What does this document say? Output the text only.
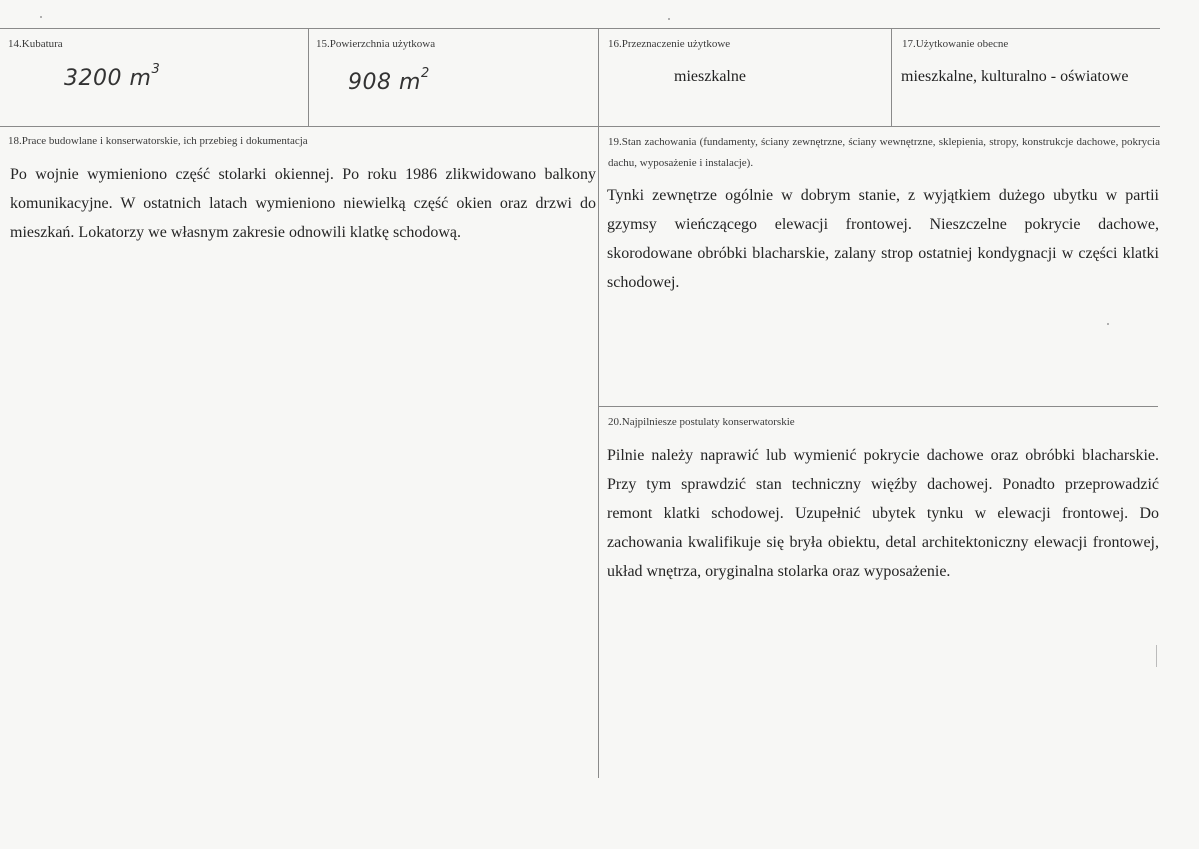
14.Kubatura
3200 $m^3$
15.Powierzchnia użytkowa
908 $m^2$
16.Przeznaczenie użytkowe
mieszkalne
17.Użytkowanie obecne
mieszkalne, kulturalno - oświatowe
18.Prace budowlane i konserwatorskie, ich przebieg i dokumentacja

Po wojnie wymieniono część stolarki okiennej. Po roku 1986 zlikwidowano balkony komunikacyjne. W ostatnich latach wymieniono niewielką część okien oraz drzwi do mieszkań. Lokatorzy we własnym zakresie odnowili klatkę schodową.

19.Stan zachowania (fundamenty, ściany zewnętrzne, ściany wewnętrzne, sklepienia, stropy, konstrukcje dachowe, pokrycia dachu, wyposażenie i instalacje).

Tynki zewnętrze ogólnie w dobrym stanie, z wyjątkiem dużego ubytku w partii gzymsy wieńczącego elewacji frontowej. Nieszczelne pokrycie dachowe, skorodowane obróbki blacharskie, zalany strop ostatniej kondygnacji w części klatki schodowej.

20.Najpilniesze postulaty konserwatorskie

Pilnie należy naprawić lub wymienić pokrycie dachowe oraz obróbki blacharskie. Przy tym sprawdzić stan techniczny więźby dachowej. Ponadto przeprowadzić remont klatki schodowej. Uzupełnić ubytek tynku w elewacji frontowej. Do zachowania kwalifikuje się bryła obiektu, detal architektoniczny elewacji frontowej, układ wnętrza, oryginalna stolarka oraz wyposażenie.
